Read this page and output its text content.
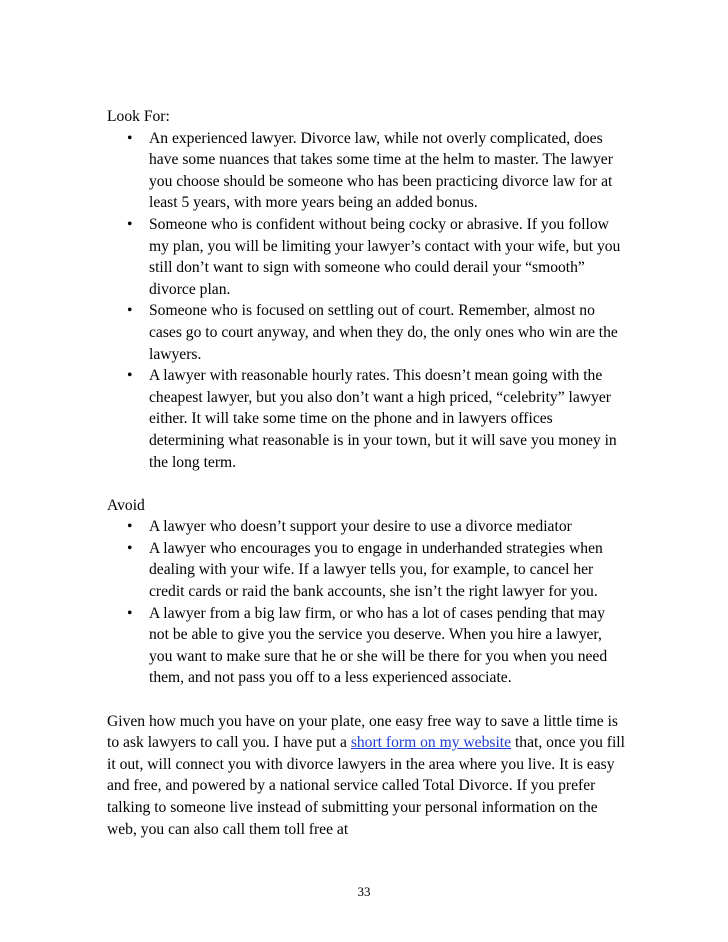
Look For:

• An experienced lawyer. Divorce law, while not overly complicated, does have some nuances that takes some time at the helm to master. The lawyer you choose should be someone who has been practicing divorce law for at least 5 years, with more years being an added bonus.
• Someone who is confident without being cocky or abrasive. If you follow my plan, you will be limiting your lawyer’s contact with your wife, but you still don’t want to sign with someone who could derail your “smooth” divorce plan.
• Someone who is focused on settling out of court. Remember, almost no cases go to court anyway, and when they do, the only ones who win are the lawyers.
• A lawyer with reasonable hourly rates. This doesn’t mean going with the cheapest lawyer, but you also don’t want a high priced, “celebrity” lawyer either. It will take some time on the phone and in lawyers offices determining what reasonable is in your town, but it will save you money in the long term.

Avoid

• A lawyer who doesn’t support your desire to use a divorce mediator
• A lawyer who encourages you to engage in underhanded strategies when dealing with your wife. If a lawyer tells you, for example, to cancel her credit cards or raid the bank accounts, she isn’t the right lawyer for you.
• A lawyer from a big law firm, or who has a lot of cases pending that may not be able to give you the service you deserve. When you hire a lawyer, you want to make sure that he or she will be there for you when you need them, and not pass you off to a less experienced associate.

Given how much you have on your plate, one easy free way to save a little time is to ask lawyers to call you. I have put a short form on my website that, once you fill it out, will connect you with divorce lawyers in the area where you live. It is easy and free, and powered by a national service called Total Divorce. If you prefer talking to someone live instead of submitting your personal information on the web, you can also call them toll free at

33
